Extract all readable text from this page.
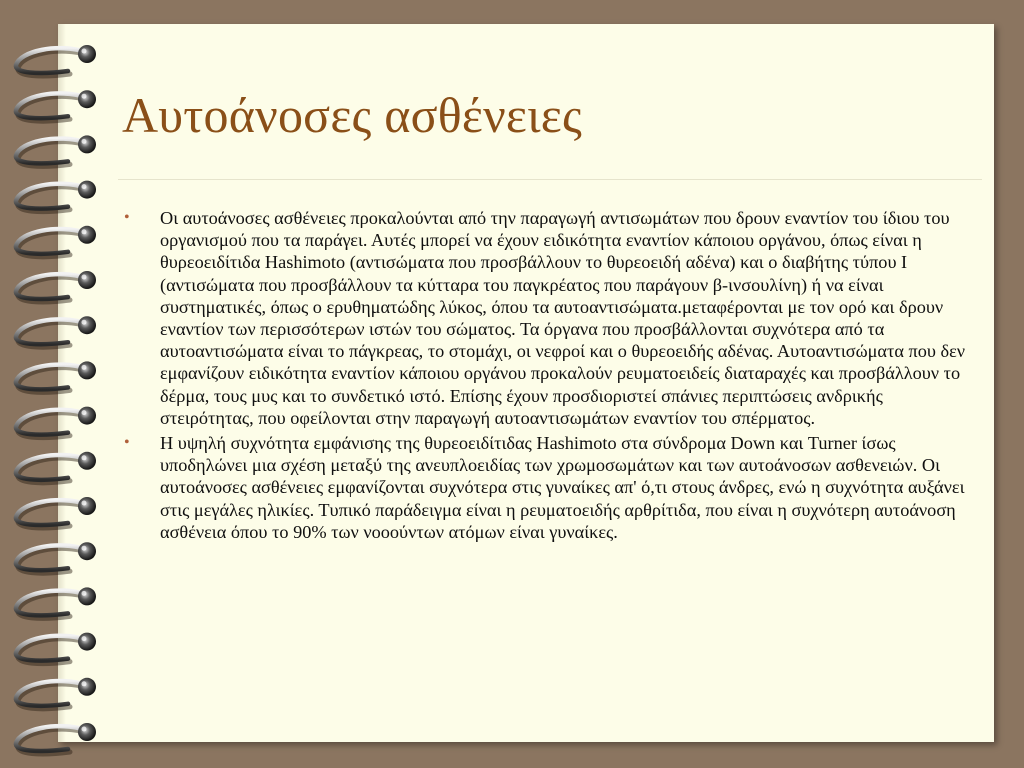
Αυτοάνοσες ασθένειες
• Οι αυτοάνοσες ασθένειες προκαλούνται από την παραγωγή αντισωμάτων που δρουν εναντίον του ίδιου του οργανισμού που τα παράγει. Αυτές μπορεί να έχουν ειδικότητα εναντίον κάποιου οργάνου, όπως είναι η θυρεοειδίτιδα Hashimoto (αντισώματα που προσβάλλουν το θυρεοειδή αδένα) και ο διαβήτης τύπου I (αντισώματα που προσβάλλουν τα κύτταρα του παγκρέατος που παράγουν β-ινσουλίνη) ή να είναι συστηματικές, όπως ο ερυθηματώδης λύκος, όπου τα αυτοαντισώματα.μεταφέρονται με τον ορό και δρουν εναντίον των περισσότερων ιστών του σώματος. Τα όργανα που προσβάλλονται συχνότερα από τα αυτοαντισώματα είναι το πάγκρεας, το στομάχι, οι νεφροί και ο θυρεοειδής αδένας. Αυτοαντισώματα που δεν εμφανίζουν ειδικότητα εναντίον κάποιου οργάνου προκαλούν ρευματοειδείς διαταραχές και προσβάλλουν το δέρμα, τους μυς και το συνδετικό ιστό. Επίσης έχουν προσδιοριστεί σπάνιες περιπτώσεις ανδρικής στειρότητας, που οφείλονται στην παραγωγή αυτοαντισωμάτων εναντίον του σπέρματος.
• Η υψηλή συχνότητα εμφάνισης της θυρεοειδίτιδας Hashimoto στα σύνδρομα Down και Turner ίσως υποδηλώνει μια σχέση μεταξύ της ανευπλοειδίας των χρωμοσωμάτων και των αυτοάνοσων ασθενειών. Οι αυτοάνοσες ασθένειες εμφανίζονται συχνότερα στις γυναίκες απ' ό,τι στους άνδρες, ενώ η συχνότητα αυξάνει στις μεγάλες ηλικίες. Τυπικό παράδειγμα είναι η ρευματοειδής αρθρίτιδα, που είναι η συχνότερη αυτοάνοση ασθένεια όπου το 90% των νοοούντων ατόμων είναι γυναίκες.
